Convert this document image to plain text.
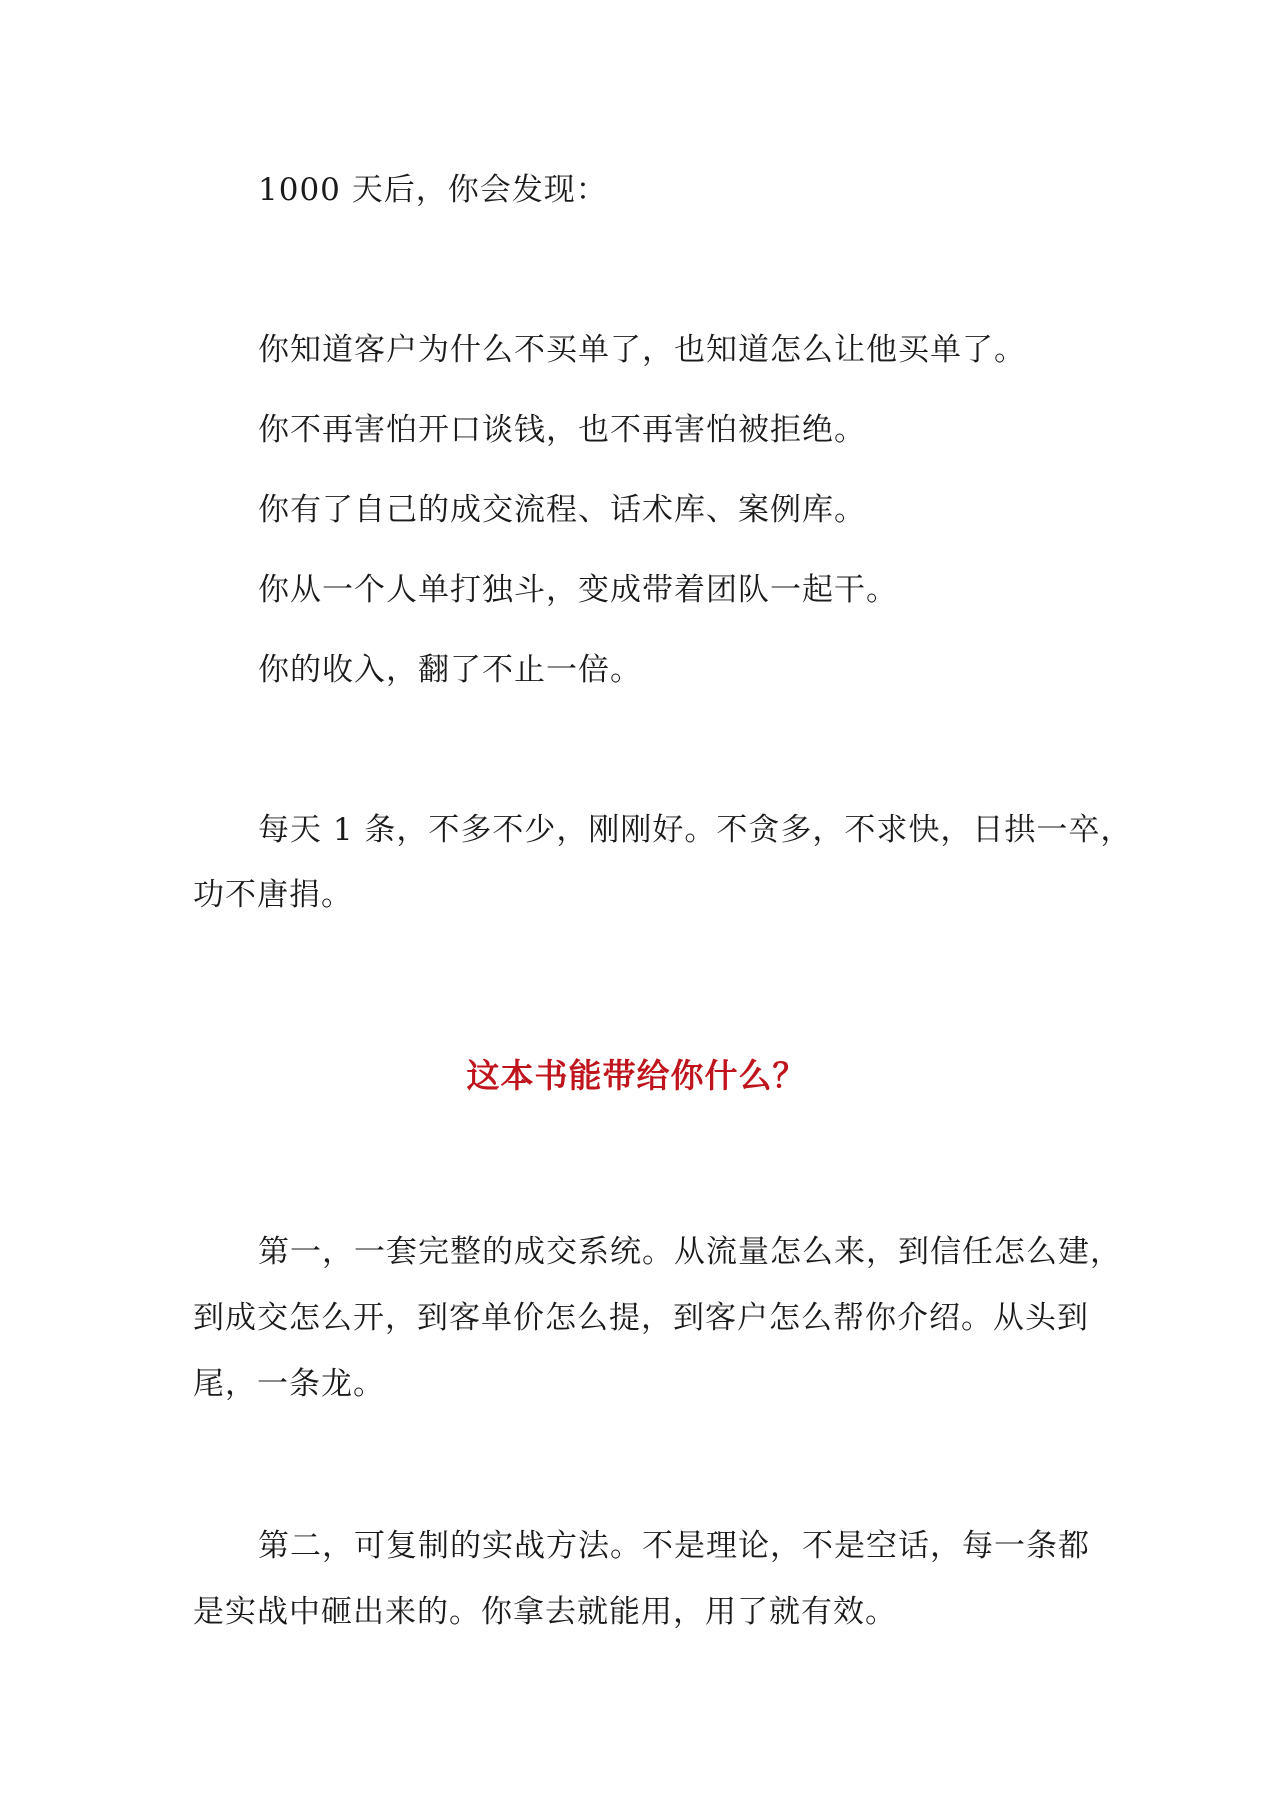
1000 天后，你会发现：

你知道客户为什么不买单了，也知道怎么让他买单了。

你不再害怕开口谈钱，也不再害怕被拒绝。

你有了自己的成交流程、话术库、案例库。

你从一个人单打独斗，变成带着团队一起干。

你的收入，翻了不止一倍。

每天 1 条，不多不少，刚刚好。不贪多，不求快，日拱一卒，

功不唐捐。

这本书能带给你什么？

第一，一套完整的成交系统。从流量怎么来，到信任怎么建，

到成交怎么开，到客单价怎么提，到客户怎么帮你介绍。从头到

尾，一条龙。

第二，可复制的实战方法。不是理论，不是空话，每一条都

是实战中砸出来的。你拿去就能用，用了就有效。
